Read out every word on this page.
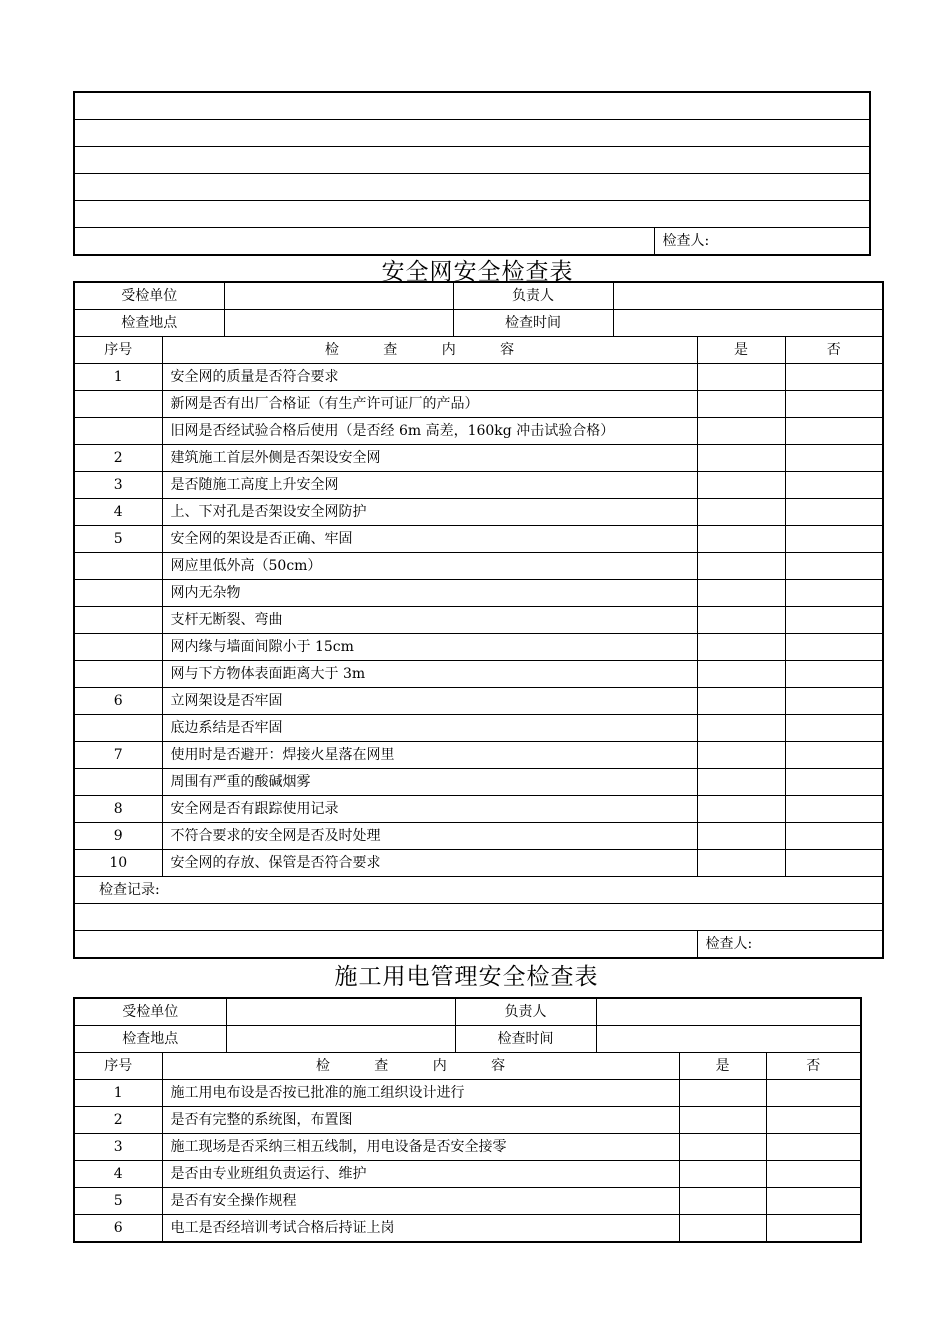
	检查人:
安全网安全检查表
受检单位			负责人			
检查地点			检查时间			
序号	检 查 内 容				是	否
1	安全网的质量是否符合要求					
	新网是否有出厂合格证（有生产许可证厂的产品）					
	旧网是否经试验合格后使用（是否经 6m 高差，160kg 冲击试验合格）					
2	建筑施工首层外侧是否架设安全网					
3	是否随施工高度上升安全网					
4	上、下对孔是否架设安全网防护					
5	安全网的架设是否正确、牢固					
	网应里低外高（50cm）					
	网内无杂物					
	支杆无断裂、弯曲					
	网内缘与墙面间隙小于 15cm					
	网与下方物体表面距离大于 3m					
6	立网架设是否牢固					
	底边系结是否牢固					
7	使用时是否避开：焊接火星落在网里					
	周围有严重的酸碱烟雾					
8	安全网是否有跟踪使用记录					
9	不符合要求的安全网是否及时处理					
10	安全网的存放、保管是否符合要求					
检查记录:						

					检查人:	
施工用电管理安全检查表
受检单位			负责人			
检查地点			检查时间			
序号	检 查 内 容				是	否
1	施工用电布设是否按已批准的施工组织设计进行					
2	是否有完整的系统图，布置图					
3	施工现场是否采纳三相五线制，用电设备是否安全接零					
4	是否由专业班组负责运行、维护					
5	是否有安全操作规程					
6	电工是否经培训考试合格后持证上岗					
